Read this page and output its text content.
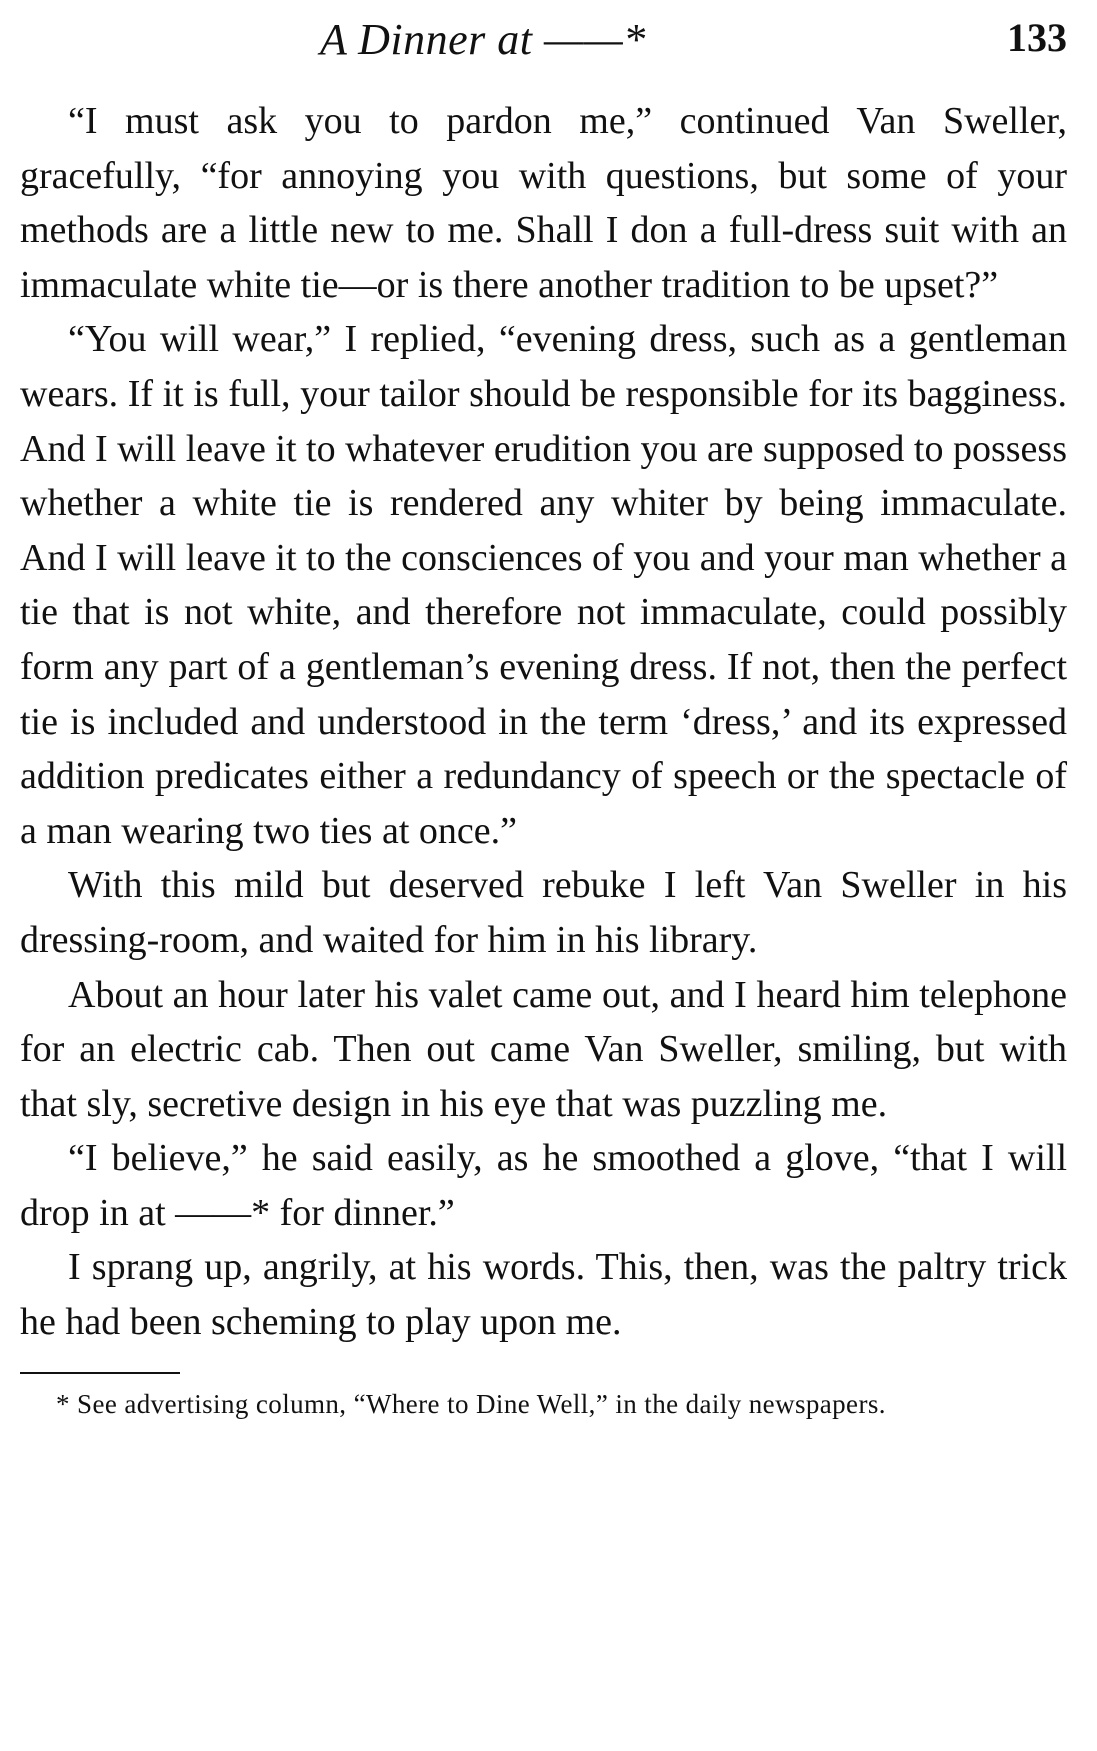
A Dinner at ——*	133

“I must ask you to pardon me,” continued Van Sweller, gracefully, “for annoying you with questions, but some of your methods are a little new to me. Shall I don a full-dress suit with an immaculate white tie—or is there another tradition to be upset?”

“You will wear,” I replied, “evening dress, such as a gentleman wears. If it is full, your tailor should be responsible for its bagginess. And I will leave it to whatever erudition you are supposed to possess whether a white tie is rendered any whiter by being immaculate. And I will leave it to the consciences of you and your man whether a tie that is not white, and therefore not immaculate, could possibly form any part of a gentleman’s evening dress. If not, then the perfect tie is included and understood in the term ‘dress,’ and its expressed addition predicates either a redundancy of speech or the spectacle of a man wearing two ties at once.”

With this mild but deserved rebuke I left Van Sweller in his dressing-room, and waited for him in his library.

About an hour later his valet came out, and I heard him telephone for an electric cab. Then out came Van Sweller, smiling, but with that sly, secretive design in his eye that was puzzling me.

“I believe,” he said easily, as he smoothed a glove, “that I will drop in at ——* for dinner.”

I sprang up, angrily, at his words. This, then, was the paltry trick he had been scheming to play upon me.

* See advertising column, “Where to Dine Well,” in the daily newspapers.
